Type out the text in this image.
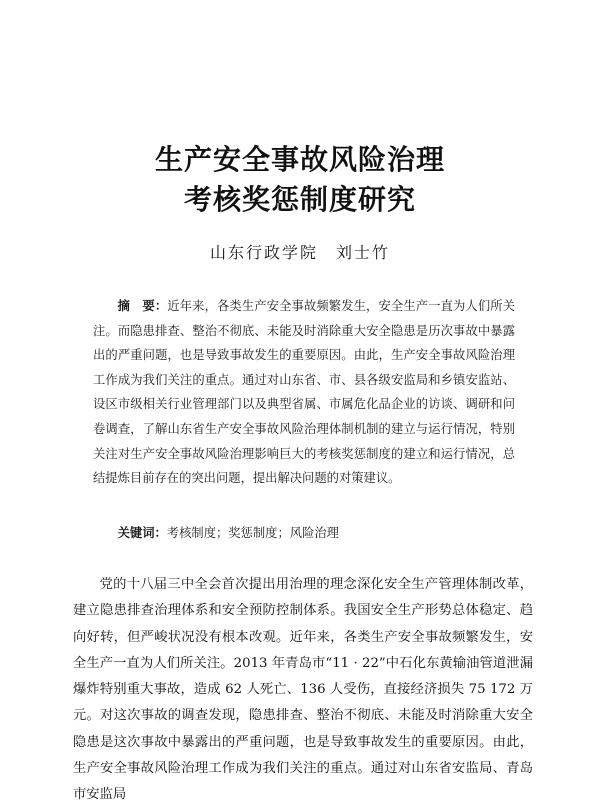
生产安全事故风险治理
考核奖惩制度研究
山东行政学院 刘士竹
摘　要：近年来，各类生产安全事故频繁发生，安全生产一直为人们所关注。而隐患排查、整治不彻底、未能及时消除重大安全隐患是历次事故中暴露出的严重问题，也是导致事故发生的重要原因。由此，生产安全事故风险治理工作成为我们关注的重点。通过对山东省、市、县各级安监局和乡镇安监站、设区市级相关行业管理部门以及典型省属、市属危化品企业的访谈、调研和问卷调查，了解山东省生产安全事故风险治理体制机制的建立与运行情况，特别关注对生产安全事故风险治理影响巨大的考核奖惩制度的建立和运行情况，总结提炼目前存在的突出问题，提出解决问题的对策建议。
关键词：考核制度；奖惩制度；风险治理
党的十八届三中全会首次提出用治理的理念深化安全生产管理体制改革，建立隐患排查治理体系和安全预防控制体系。我国安全生产形势总体稳定、趋向好转，但严峻状况没有根本改观。近年来，各类生产安全事故频繁发生，安全生产一直为人们所关注。2013 年青岛市“11 · 22”中石化东黄输油管道泄漏爆炸特别重大事故，造成 62 人死亡、136 人受伤，直接经济损失 75 172 万元。对这次事故的调查发现，隐患排查、整治不彻底、未能及时消除重大安全隐患是这次事故中暴露出的严重问题，也是导致事故发生的重要原因。由此，生产安全事故风险治理工作成为我们关注的重点。通过对山东省安监局、青岛市安监局
